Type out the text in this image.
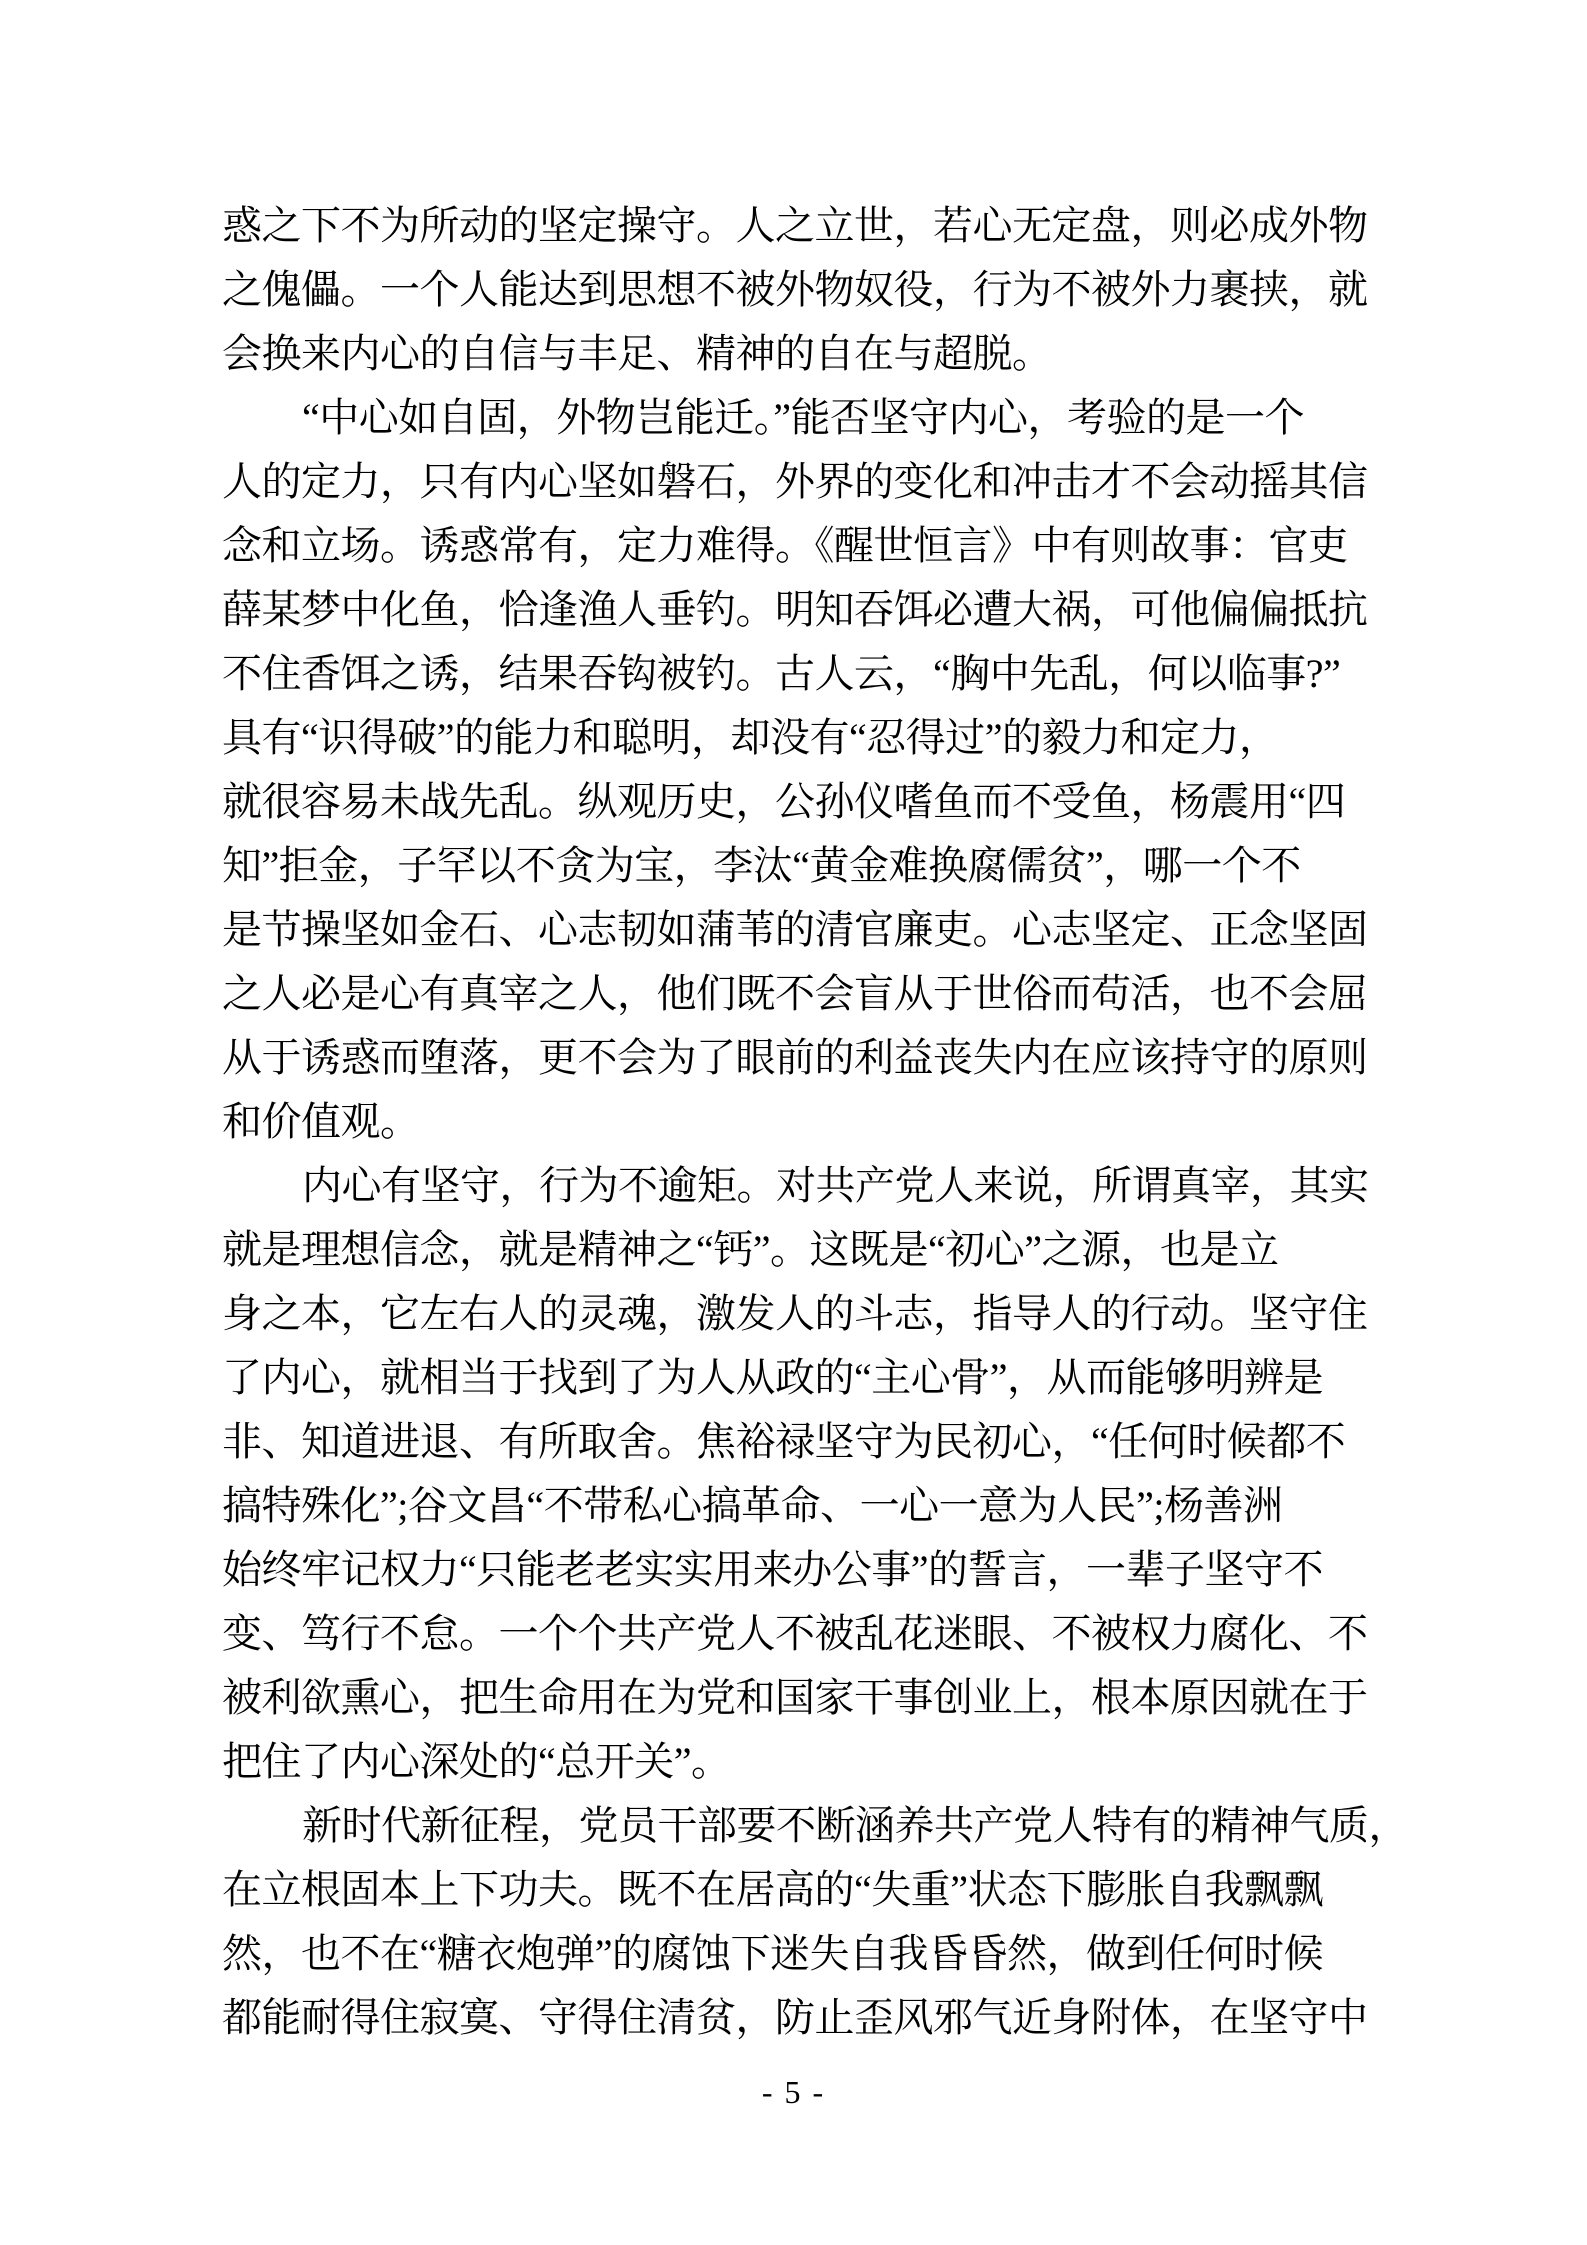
惑之下不为所动的坚定操守。人之立世，若心无定盘，则必成外物
之傀儡。一个人能达到思想不被外物奴役，行为不被外力裹挟，就
会换来内心的自信与丰足、精神的自在与超脱。
“中心如自固，外物岂能迁。”能否坚守内心，考验的是一个
人的定力，只有内心坚如磐石，外界的变化和冲击才不会动摇其信
念和立场。诱惑常有，定力难得。《醒世恒言》中有则故事：官吏
薛某梦中化鱼，恰逢渔人垂钓。明知吞饵必遭大祸，可他偏偏抵抗
不住香饵之诱，结果吞钩被钓。古人云，“胸中先乱，何以临事?”
具有“识得破”的能力和聪明，却没有“忍得过”的毅力和定力，
就很容易未战先乱。纵观历史，公孙仪嗜鱼而不受鱼，杨震用“四
知”拒金，子罕以不贪为宝，李汰“黄金难换腐儒贫”，哪一个不
是节操坚如金石、心志韧如蒲苇的清官廉吏。心志坚定、正念坚固
之人必是心有真宰之人，他们既不会盲从于世俗而苟活，也不会屈
从于诱惑而堕落，更不会为了眼前的利益丧失内在应该持守的原则
和价值观。
内心有坚守，行为不逾矩。对共产党人来说，所谓真宰，其实
就是理想信念，就是精神之“钙”。这既是“初心”之源，也是立
身之本，它左右人的灵魂，激发人的斗志，指导人的行动。坚守住
了内心，就相当于找到了为人从政的“主心骨”，从而能够明辨是
非、知道进退、有所取舍。焦裕禄坚守为民初心，“任何时候都不
搞特殊化”;谷文昌“不带私心搞革命、一心一意为人民”;杨善洲
始终牢记权力“只能老老实实用来办公事”的誓言，一辈子坚守不
变、笃行不怠。一个个共产党人不被乱花迷眼、不被权力腐化、不
被利欲熏心，把生命用在为党和国家干事创业上，根本原因就在于
把住了内心深处的“总开关”。
新时代新征程，党员干部要不断涵养共产党人特有的精神气质，
在立根固本上下功夫。既不在居高的“失重”状态下膨胀自我飘飘
然，也不在“糖衣炮弹”的腐蚀下迷失自我昏昏然，做到任何时候
都能耐得住寂寞、守得住清贫，防止歪风邪气近身附体，在坚守中
- 5 -
